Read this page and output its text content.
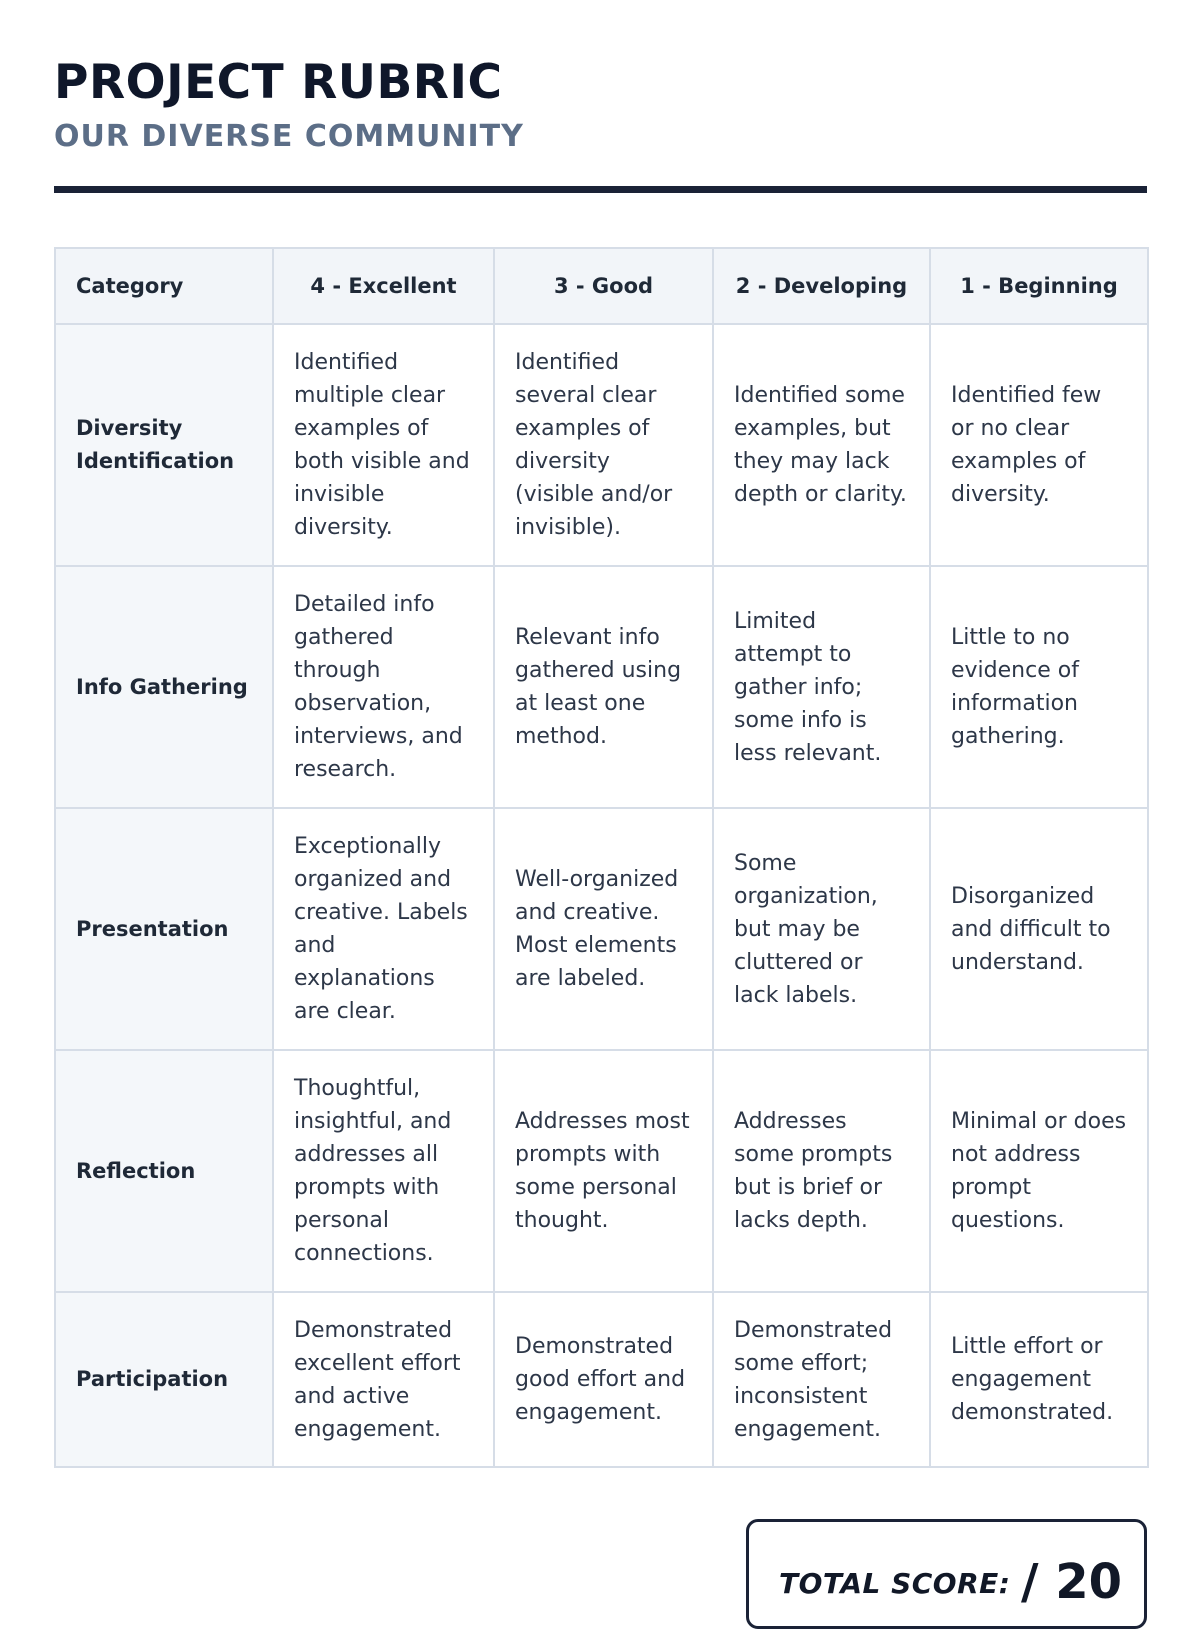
PROJECT RUBRIC
OUR DIVERSE COMMUNITY
Category	4 - Excellent	3 - Good	2 - Developing	1 - Beginning
Diversity Identification	Identified multiple clear examples of both visible and invisible diversity.	Identified several clear examples of diversity (visible and/or invisible).	Identified some examples, but they may lack depth or clarity.	Identified few or no clear examples of diversity.
Info Gathering	Detailed info gathered through observation, interviews, and research.	Relevant info gathered using at least one method.	Limited attempt to gather info; some info is less relevant.	Little to no evidence of information gathering.
Presentation	Exceptionally organized and creative. Labels and explanations are clear.	Well-organized and creative. Most elements are labeled.	Some organization, but may be cluttered or lack labels.	Disorganized and difficult to understand.
Reflection	Thoughtful, insightful, and addresses all prompts with personal connections.	Addresses most prompts with some personal thought.	Addresses some prompts but is brief or lacks depth.	Minimal or does not address prompt questions.
Participation	Demonstrated excellent effort and active engagement.	Demonstrated good effort and engagement.	Demonstrated some effort; inconsistent engagement.	Little effort or engagement demonstrated.
TOTAL SCORE: / 20
